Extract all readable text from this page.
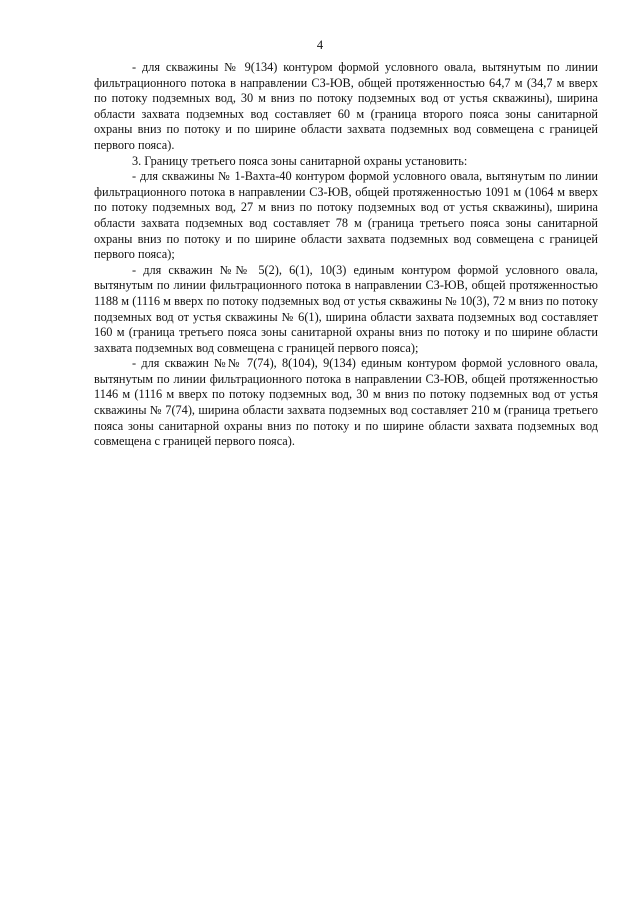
4

- для скважины № 9(134) контуром формой условного овала, вытянутым по линии фильтрационного потока в направлении СЗ-ЮВ, общей протяженностью 64,7 м (34,7 м вверх по потоку подземных вод, 30 м вниз по потоку подземных вод от устья скважины), ширина области захвата подземных вод составляет 60 м (граница второго пояса зоны санитарной охраны вниз по потоку и по ширине области захвата подземных вод совмещена с границей первого пояса).

3. Границу третьего пояса зоны санитарной охраны установить:

- для скважины № 1-Вахта-40 контуром формой условного овала, вытянутым по линии фильтрационного потока в направлении СЗ-ЮВ, общей протяженностью 1091 м (1064 м вверх по потоку подземных вод, 27 м вниз по потоку подземных вод от устья скважины), ширина области захвата подземных вод составляет 78 м (граница третьего пояса зоны санитарной охраны вниз по потоку и по ширине области захвата подземных вод совмещена с границей первого пояса);

- для скважин №№ 5(2), 6(1), 10(3) единым контуром формой условного овала, вытянутым по линии фильтрационного потока в направлении СЗ-ЮВ, общей протяженностью 1188 м (1116 м вверх по потоку подземных вод от устья скважины № 10(3), 72 м вниз по потоку подземных вод от устья скважины № 6(1), ширина области захвата подземных вод составляет 160 м (граница третьего пояса зоны санитарной охраны вниз по потоку и по ширине области захвата подземных вод совмещена с границей первого пояса);

- для скважин №№ 7(74), 8(104), 9(134) единым контуром формой условного овала, вытянутым по линии фильтрационного потока в направлении СЗ-ЮВ, общей протяженностью 1146 м (1116 м вверх по потоку подземных вод, 30 м вниз по потоку подземных вод от устья скважины № 7(74), ширина области захвата подземных вод составляет 210 м (граница третьего пояса зоны санитарной охраны вниз по потоку и по ширине области захвата подземных вод совмещена с границей первого пояса).
